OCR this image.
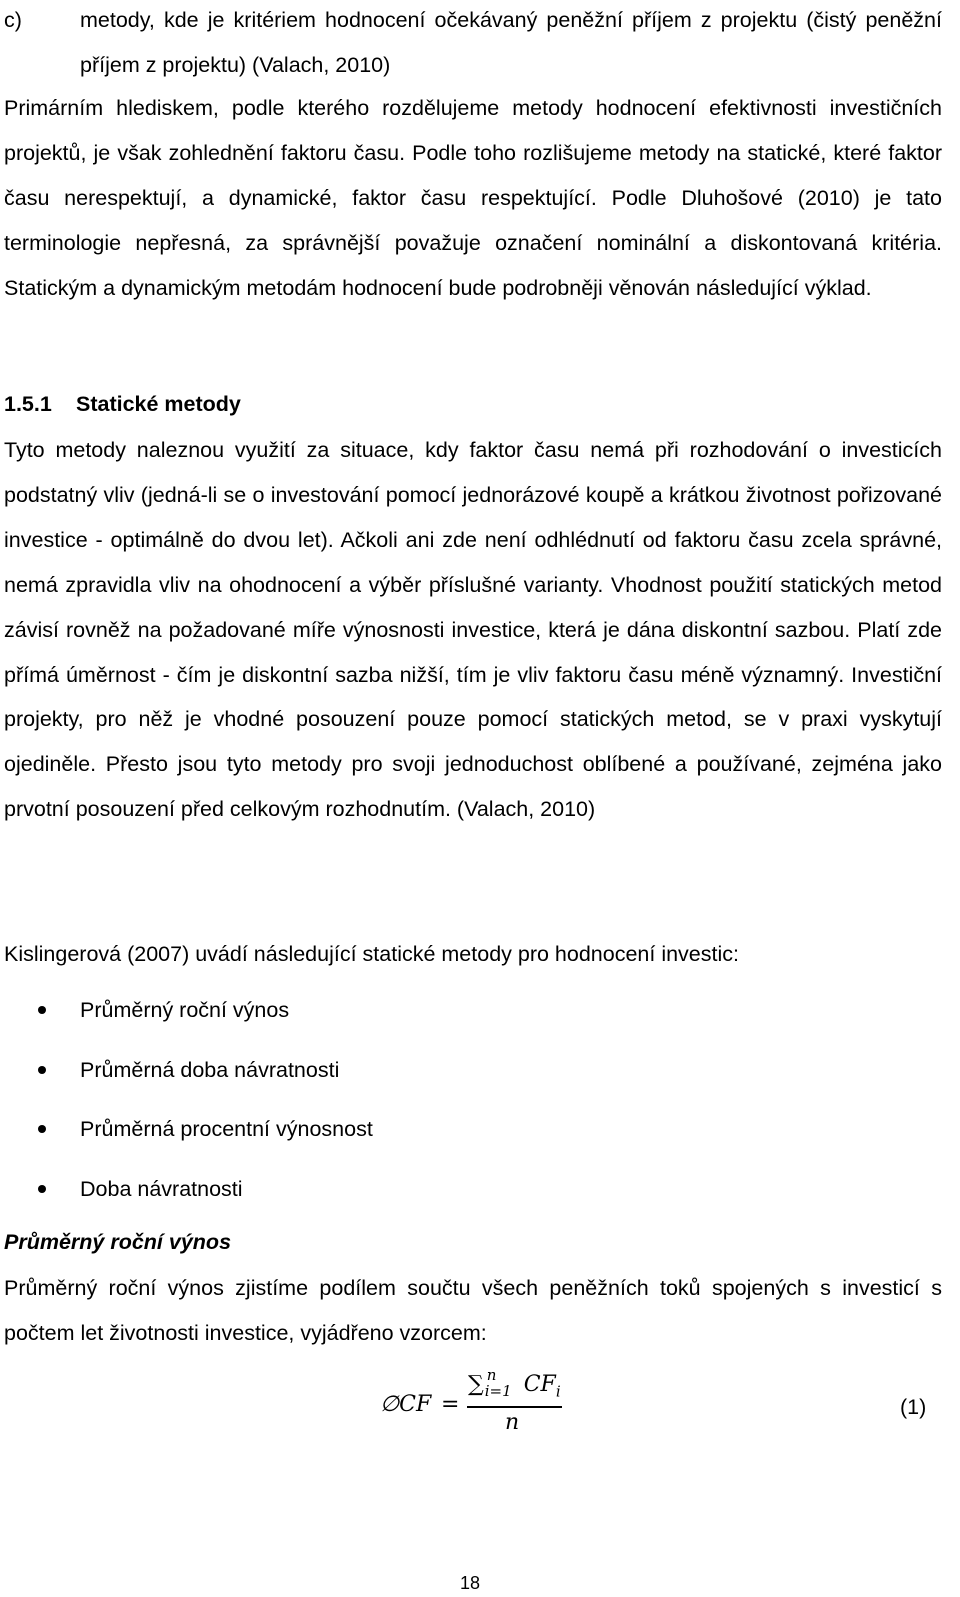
c)	metody, kde je kritériem hodnocení očekávaný peněžní příjem z projektu (čistý peněžní příjem z projektu) (Valach, 2010)

Primárním hlediskem, podle kterého rozdělujeme metody hodnocení efektivnosti investičních projektů, je však zohlednění faktoru času. Podle toho rozlišujeme metody na statické, které faktor času nerespektují, a dynamické, faktor času respektující. Podle Dluhošové (2010) je tato terminologie nepřesná, za správnější považuje označení nominální a diskontovaná kritéria. Statickým a dynamickým metodám hodnocení bude podrobněji věnován následující výklad.

1.5.1 Statické metody

Tyto metody naleznou využití za situace, kdy faktor času nemá při rozhodování o investicích podstatný vliv (jedná-li se o investování pomocí jednorázové koupě a krátkou životnost pořizované investice - optimálně do dvou let). Ačkoli ani zde není odhlédnutí od faktoru času zcela správné, nemá zpravidla vliv na ohodnocení a výběr příslušné varianty. Vhodnost použití statických metod závisí rovněž na požadované míře výnosnosti investice, která je dána diskontní sazbou. Platí zde přímá úměrnost - čím je diskontní sazba nižší, tím je vliv faktoru času méně významný. Investiční projekty, pro něž je vhodné posouzení pouze pomocí statických metod, se v praxi vyskytují ojediněle. Přesto jsou tyto metody pro svoji jednoduchost oblíbené a používané, zejména jako prvotní posouzení před celkovým rozhodnutím. (Valach, 2010)

Kislingerová (2007) uvádí následující statické metody pro hodnocení investic:

Průměrný roční výnos
Průměrná doba návratnosti
Průměrná procentní výnosnost
Doba návratnosti
Průměrný roční výnos

Průměrný roční výnos zjistíme podílem součtu všech peněžních toků spojených s investicí s počtem let životnosti investice, vyjádřeno vzorcem:

∅CF =
∑ n
i=1 $CF_i$
n
(1)
18
